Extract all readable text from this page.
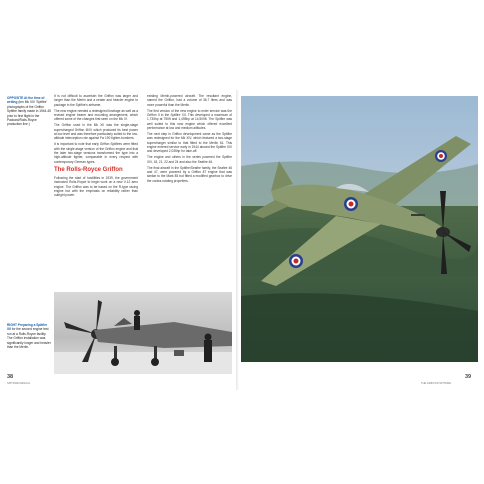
OPPOSITE At the time of writing (ten Mk XIV 'Spitfire' photographs of the Griffon Spitfire family made in 1944-45 prior to first flight in the Packard/Rolls-Royce production line.)

It is not difficult to ascertain the Griffon was larger and longer than the Merlin and a neater and heavier engine to package in the Spitfire's airframe.

The new engine needed a redesigned fuselage as well as a revised engine bearer and mounting arrangement, which offered some of the changes first seen on the Mk IV.

The Griffon used in the Mk XII was the single-stage supercharged Griffon III/IV which produced its best power at low level and was therefore particularly suited to the low-altitude interception role against Fw 190 fighter-bombers.

It is important to note that early Griffon Spitfires were fitted with the single-stage version of the Griffon engine and that the later two-stage versions transformed the type into a high-altitude fighter, comparable in every respect with contemporary German types.

The Rolls-Royce Griffon

Following the start of hostilities in 1939, the government instructed Rolls-Royce to begin work on a new V-12 aero engine. The Griffon was to be based on the R-type racing engine but with the emphasis on reliability rather than outright power.

existing Merlin-powered aircraft. The resultant engine, named the Griffon, had a volume of 36.7 litres and was more powerful than the Merlin.

The first version of the new engine to enter service was the Griffon II in the Spitfire XII. This developed a maximum of 1,735hp at 750ft and 1,495hp at 14,500ft. The Spitfire was well suited to this new engine which offered excellent performance at low and medium altitudes.

The next step in Griffon development came as the Spitfire was redesigned for the Mk XIV, which featured a two-stage supercharger similar to that fitted to the Merlin 61. This engine entered service early in 1944 aboard the Spitfire XIV and developed 2,035hp for take-off.

The engine and others in the series powered the Spitfire XIV, 18, 21, 22 and 24 and also the Seafire 46.

The final aircraft in the Spitfire/Seafire family, the Seafire 46 and 47, were powered by a Griffon 87 engine that was similar to the Mark 85 but fitted a modified gearbox to drive the contra-rotating propellers.

RIGHT Preparing a Spitfire XII for the second engine test run at a Rolls-Royce facility. The Griffon installation was significantly longer and heavier than the Merlin.
38
SPITFIRE MANUAL
39
THE GRIFFON SPITFIRE
